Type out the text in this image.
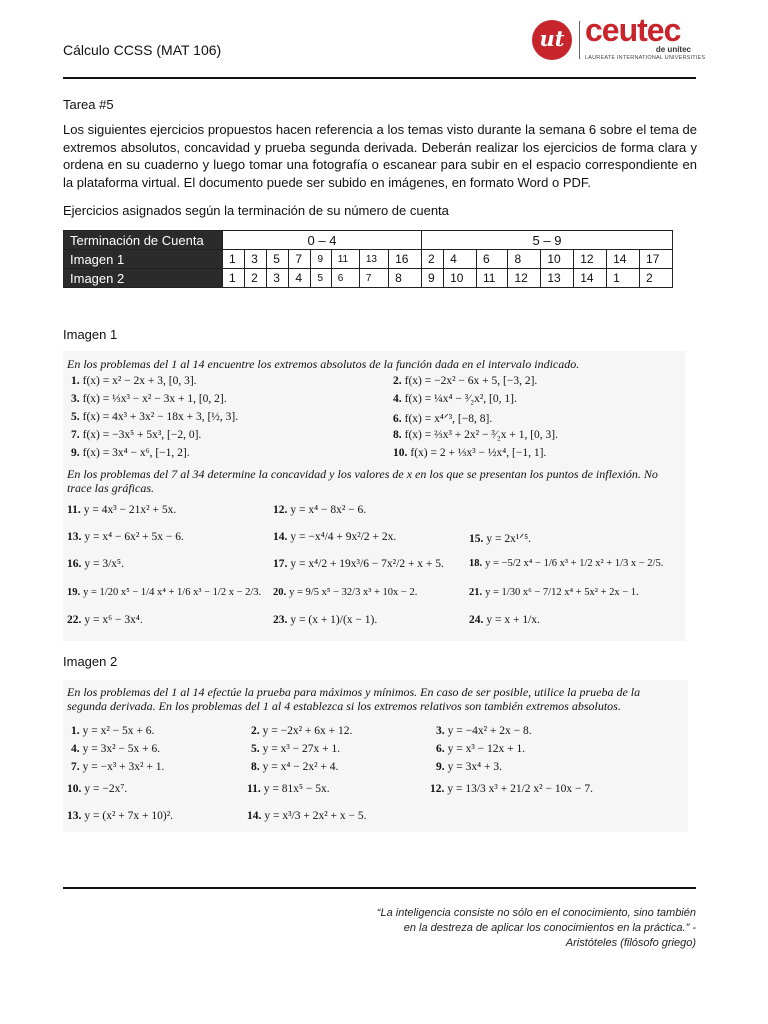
Cálculo CCSS (MAT 106)	ut ceutec
de unitec
LAUREATE INTERNATIONAL UNIVERSITIES
Tarea #5
Los siguientes ejercicios propuestos hacen referencia a los temas visto durante la semana 6 sobre el tema de extremos absolutos, concavidad y prueba segunda derivada. Deberán realizar los ejercicios de forma clara y ordena en su cuaderno y luego tomar una fotografía o escanear para subir en el espacio correspondiente en la plataforma virtual. El documento puede ser subido en imágenes, en formato Word o PDF.
Ejercicios asignados según la terminación de su número de cuenta
Terminación de Cuenta	0 – 4								5 – 9							
Imagen 1	1	3	5	7	9	11	13	16	2	4	6	8	10	12	14	17
Imagen 2	1	2	3	4	5	6	7	8	9	10	11	12	13	14	1	2
Imagen 1
En los problemas del 1 al 14 encuentre los extremos absolutos de la función dada en el intervalo indicado.
1. f(x) = x² − 2x + 3, [0, 3].	2. f(x) = −2x² − 6x + 5, [−3, 2].
3. f(x) = ⅓x³ − x² − 3x + 1, [0, 2].	4. f(x) = ¼x⁴ − ³⁄₂x², [0, 1].
5. f(x) = 4x³ + 3x² − 18x + 3, [½, 3].	6. f(x) = x⁴ᐟ³, [−8, 8].
7. f(x) = −3x⁵ + 5x³, [−2, 0].	8. f(x) = ⅔x³ + 2x² − ³⁄₂x + 1, [0, 3].
9. f(x) = 3x⁴ − x⁶, [−1, 2].	10. f(x) = 2 + ⅓x³ − ½x⁴, [−1, 1].
En los problemas del 7 al 34 determine la concavidad y los valores de x en los que se presentan los puntos de inflexión. No trace las gráficas.
11. y = 4x³ − 21x² + 5x.	12. y = x⁴ − 8x² − 6.
13. y = x⁴ − 6x² + 5x − 6.	14. y = −x⁴/4 + 9x²/2 + 2x.	15. y = 2x¹ᐟ⁵.
16. y = 3/x⁵.	17. y = x⁴/2 + 19x³/6 − 7x²/2 + x + 5. 18. y = −5/2 x⁴ − 1/6 x³ + 1/2 x² + 1/3 x − 2/5.
19. y = 1/20 x⁵ − 1/4 x⁴ + 1/6 x³ − 1/2 x − 2/3. 20. y = 9/5 x⁵ − 32/3 x³ + 10x − 2.	21. y = 1/30 x⁶ − 7/12 x⁴ + 5x² + 2x − 1.
22. y = x⁶ − 3x⁴.	23. y = (x + 1)/(x − 1).	24. y = x + 1/x.
Imagen 2
En los problemas del 1 al 14 efectúe la prueba para máximos y mínimos. En caso de ser posible, utilice la prueba de la segunda derivada. En los problemas del 1 al 4 establezca si los extremos relativos son también extremos absolutos.
1. y = x² − 5x + 6.	2. y = −2x² + 6x + 12.	3. y = −4x² + 2x − 8.
4. y = 3x² − 5x + 6.	5. y = x³ − 27x + 1.	6. y = x³ − 12x + 1.
7. y = −x³ + 3x² + 1.	8. y = x⁴ − 2x² + 4.	9. y = 3x⁴ + 3.
10. y = −2x⁷.	11. y = 81x⁵ − 5x.	12. y = 13/3 x³ + 21/2 x² − 10x − 7.
13. y = (x² + 7x + 10)².	14. y = x³/3 + 2x² + x − 5.
“La inteligencia consiste no sólo en el conocimiento, sino también en la destreza de aplicar los conocimientos en la práctica.” -Aristóteles (filósofo griego)
